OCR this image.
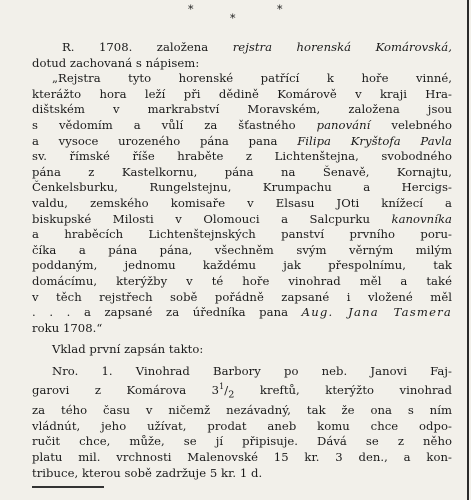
*
*
*
R. 1708. založena rejstra horenská Komárovská,
dotud zachovaná s nápisem:
„Rejstra tyto horenské patřící k hoře vinné,
kterážto hora leží při dědině Komárově v kraji Hra-
dištském v markrabství Moravském, založena jsou
s vědomím a vůlí za šťastného panování velebného
a vysoce urozeného pána pana Filipa Kryštofa Pavla
sv. římské říše hraběte z Lichtenštejna, svobodného
pána z Kastelkornu, pána na Šenavě, Kornajtu,
Čenkelsburku, Rungelstejnu, Krumpachu a Hercigs-
valdu, zemského komisaře v Elsasu JOti knížecí a
biskupské Milosti v Olomouci a Salcpurku kanovníka
a hraběcích Lichtenštejnských panství prvního poru-
číka a pána pána, všechněm svým věrným milým
poddaným, jednomu každému jak přespolnímu, tak
domácímu, kterýžby v té hoře vinohrad měl a také
v těch rejstřech sobě pořádně zapsané i vložené měl
. . . a zapsané za úředníka pana Aug. Jana Tasmera
roku 1708.“
Vklad první zapsán takto:
Nro. 1. Vinohrad Barbory po neb. Janovi Faj-
garovi z Komárova $3^1/_2$ kreftů, kterýžto vinohrad
za téhо času v ničemž nezávadný, tak že ona s ním
vládnút, jeho užívat, prodat aneb komu chce odpo-
ručit chce, může, se jí připisuje. Dává se z něho
platu mil. vrchnosti Malenovské 15 kr. 3 den., a kon-
tribuce, kterou sobě zadržuje 5 kr. 1 d.
